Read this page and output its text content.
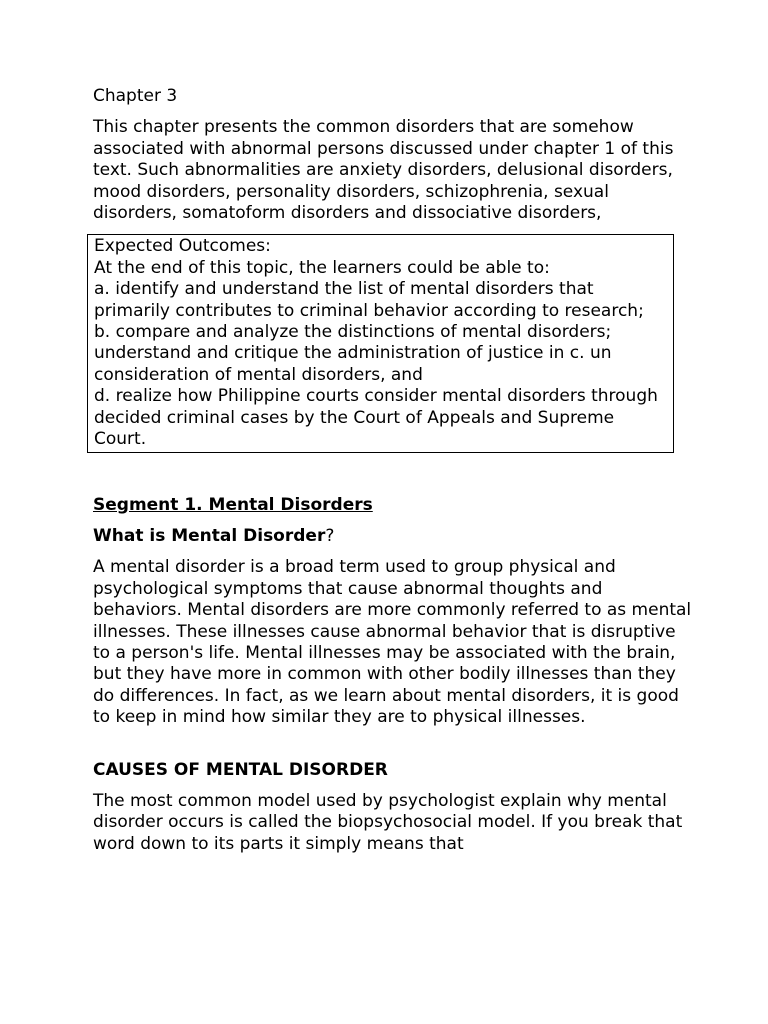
Chapter 3

This chapter presents the common disorders that are somehow associated with abnormal persons discussed under chapter 1 of this text. Such abnormalities are anxiety disorders, delusional disorders, mood disorders, personality disorders, schizophrenia, sexual disorders, somatoform disorders and dissociative disorders,

Expected Outcomes:
At the end of this topic, the learners could be able to:
a. identify and understand the list of mental disorders that primarily contributes to criminal behavior according to research;
b. compare and analyze the distinctions of mental disorders; understand and critique the administration of justice in c. un consideration of mental disorders, and
d. realize how Philippine courts consider mental disorders through decided criminal cases by the Court of Appeals and Supreme Court.

Segment 1. Mental Disorders

What is Mental Disorder?

A mental disorder is a broad term used to group physical and psychological symptoms that cause abnormal thoughts and behaviors. Mental disorders are more commonly referred to as mental illnesses. These illnesses cause abnormal behavior that is disruptive to a person's life. Mental illnesses may be associated with the brain, but they have more in common with other bodily illnesses than they do differences. In fact, as we learn about mental disorders, it is good to keep in mind how similar they are to physical illnesses.

CAUSES OF MENTAL DISORDER

The most common model used by psychologist explain why mental disorder occurs is called the biopsychosocial model. If you break that word down to its parts it simply means that
